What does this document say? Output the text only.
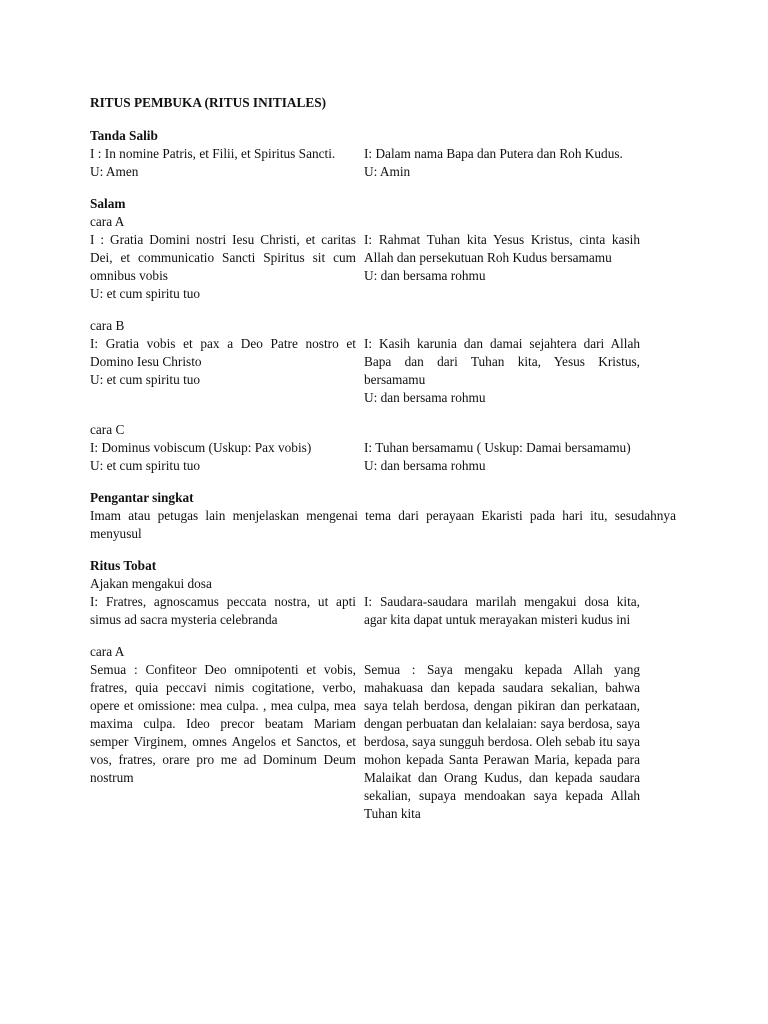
RITUS PEMBUKA (RITUS INITIALES)

Tanda Salib

I : In nomine Patris, et Filii, et Spiritus Sancti.
U: Amen
I: Dalam nama Bapa dan Putera dan Roh Kudus.
U: Amin

Salam

cara A

I : Gratia Domini nostri Iesu Christi, et caritas Dei, et communicatio Sancti Spiritus sit cum omnibus vobis
U: et cum spiritu tuo
I: Rahmat Tuhan kita Yesus Kristus, cinta kasih Allah dan persekutuan Roh Kudus bersamamu
U: dan bersama rohmu

cara B

I: Gratia vobis et pax a Deo Patre nostro et Domino Iesu Christo
U: et cum spiritu tuo
I: Kasih karunia dan damai sejahtera dari Allah Bapa dan dari Tuhan kita, Yesus Kristus, bersamamu
U: dan bersama rohmu

cara C

I: Dominus vobiscum (Uskup: Pax vobis)
U: et cum spiritu tuo
I: Tuhan bersamamu ( Uskup: Damai bersamamu)
U: dan bersama rohmu

Pengantar singkat

Imam atau petugas lain menjelaskan mengenai tema dari perayaan Ekaristi pada hari itu, sesudahnya menyusul

Ritus Tobat

Ajakan mengakui dosa

I: Fratres, agnoscamus peccata nostra, ut apti simus ad sacra mysteria celebranda
I: Saudara-saudara marilah mengakui dosa kita, agar kita dapat untuk merayakan misteri kudus ini

cara A

Semua : Confiteor Deo omnipotenti et vobis, fratres, quia peccavi nimis cogitatione, verbo, opere et omissione: mea culpa. , mea culpa, mea maxima culpa. Ideo precor beatam Mariam semper Virginem, omnes Angelos et Sanctos, et vos, fratres, orare pro me ad Dominum Deum nostrum
Semua : Saya mengaku kepada Allah yang mahakuasa dan kepada saudara sekalian, bahwa saya telah berdosa, dengan pikiran dan perkataan, dengan perbuatan dan kelalaian: saya berdosa, saya berdosa, saya sungguh berdosa. Oleh sebab itu saya mohon kepada Santa Perawan Maria, kepada para Malaikat dan Orang Kudus, dan kepada saudara sekalian, supaya mendoakan saya kepada Allah Tuhan kita
